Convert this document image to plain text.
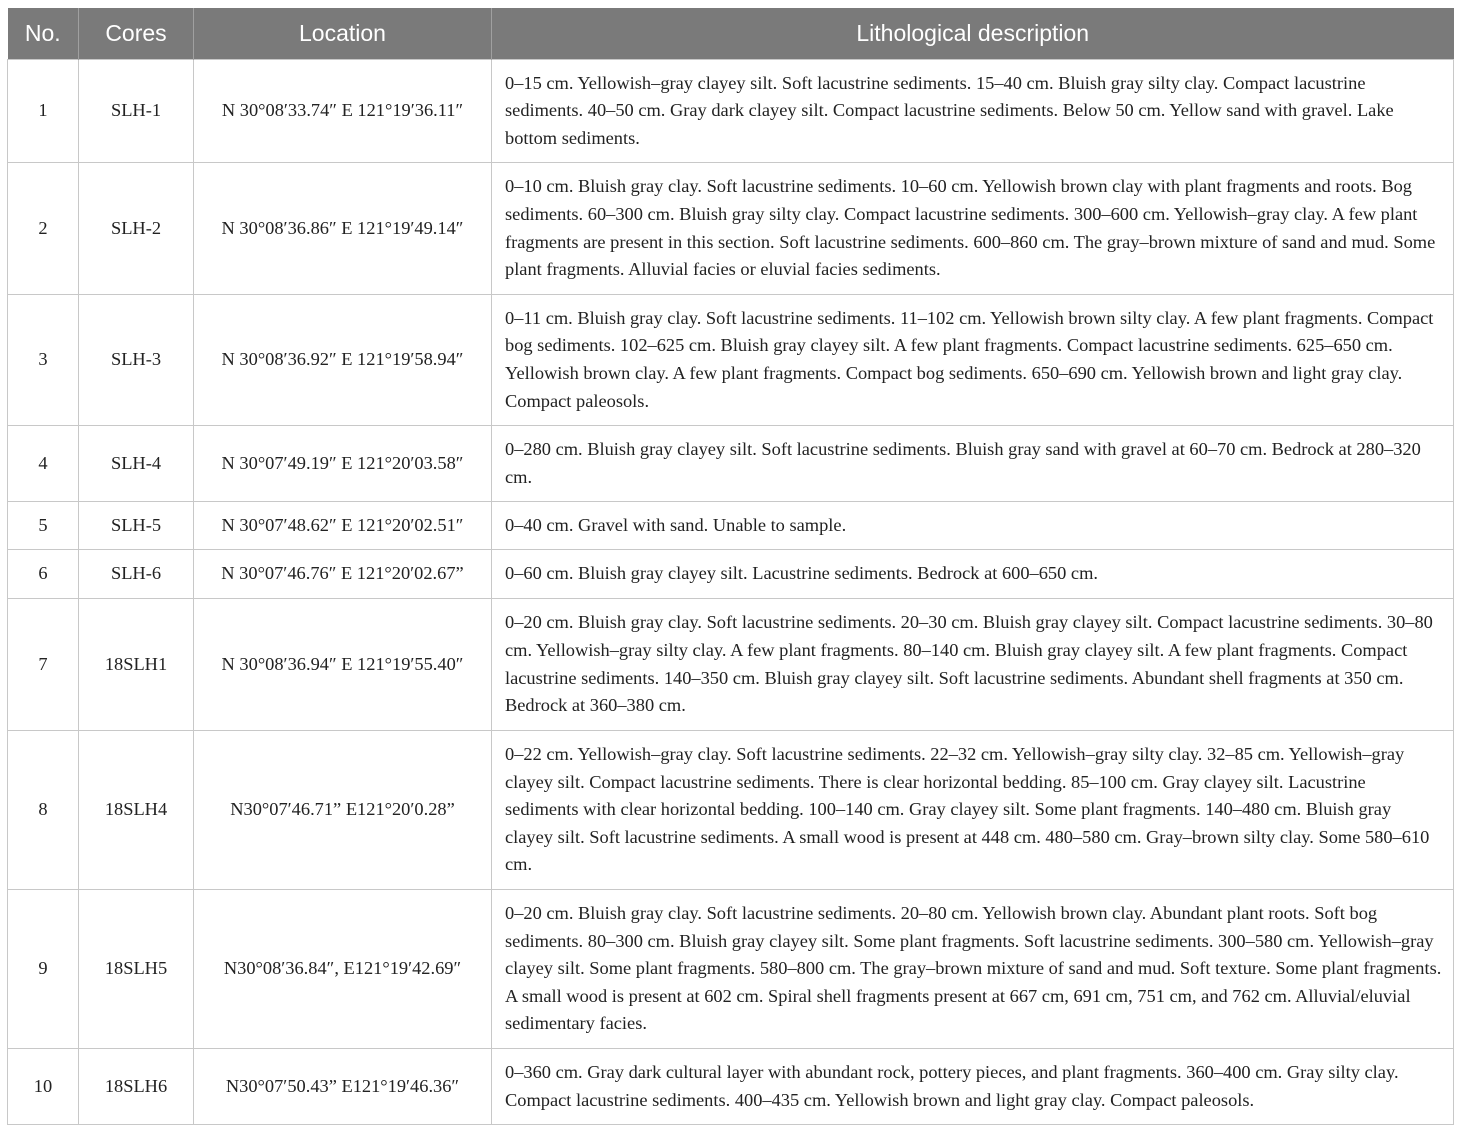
No.	Cores	Location	Lithological description
1	SLH-1	N 30°08′33.74″ E 121°19′36.11″	0–15 cm. Yellowish–gray clayey silt. Soft lacustrine sediments. 15–40 cm. Bluish gray silty clay. Compact lacustrine sediments. 40–50 cm. Gray dark clayey silt. Compact lacustrine sediments. Below 50 cm. Yellow sand with gravel. Lake bottom sediments.
2	SLH-2	N 30°08′36.86″ E 121°19′49.14″	0–10 cm. Bluish gray clay. Soft lacustrine sediments. 10–60 cm. Yellowish brown clay with plant fragments and roots. Bog sediments. 60–300 cm. Bluish gray silty clay. Compact lacustrine sediments. 300–600 cm. Yellowish–gray clay. A few plant fragments are present in this section. Soft lacustrine sediments. 600–860 cm. The gray–brown mixture of sand and mud. Some plant fragments. Alluvial facies or eluvial facies sediments.
3	SLH-3	N 30°08′36.92″ E 121°19′58.94″	0–11 cm. Bluish gray clay. Soft lacustrine sediments. 11–102 cm. Yellowish brown silty clay. A few plant fragments. Compact bog sediments. 102–625 cm. Bluish gray clayey silt. A few plant fragments. Compact lacustrine sediments. 625–650 cm. Yellowish brown clay. A few plant fragments. Compact bog sediments. 650–690 cm. Yellowish brown and light gray clay. Compact paleosols.
4	SLH-4	N 30°07′49.19″ E 121°20′03.58″	0–280 cm. Bluish gray clayey silt. Soft lacustrine sediments. Bluish gray sand with gravel at 60–70 cm. Bedrock at 280–320 cm.
5	SLH-5	N 30°07′48.62″ E 121°20′02.51″	0–40 cm. Gravel with sand. Unable to sample.
6	SLH-6	N 30°07′46.76″ E 121°20′02.67”	0–60 cm. Bluish gray clayey silt. Lacustrine sediments. Bedrock at 600–650 cm.
7	18SLH1	N 30°08′36.94″ E 121°19′55.40″	0–20 cm. Bluish gray clay. Soft lacustrine sediments. 20–30 cm. Bluish gray clayey silt. Compact lacustrine sediments. 30–80 cm. Yellowish–gray silty clay. A few plant fragments. 80–140 cm. Bluish gray clayey silt. A few plant fragments. Compact lacustrine sediments. 140–350 cm. Bluish gray clayey silt. Soft lacustrine sediments. Abundant shell fragments at 350 cm. Bedrock at 360–380 cm.
8	18SLH4	N30°07′46.71” E121°20′0.28”	0–22 cm. Yellowish–gray clay. Soft lacustrine sediments. 22–32 cm. Yellowish–gray silty clay. 32–85 cm. Yellowish–gray clayey silt. Compact lacustrine sediments. There is clear horizontal bedding. 85–100 cm. Gray clayey silt. Lacustrine sediments with clear horizontal bedding. 100–140 cm. Gray clayey silt. Some plant fragments. 140–480 cm. Bluish gray clayey silt. Soft lacustrine sediments. A small wood is present at 448 cm. 480–580 cm. Gray–brown silty clay. Some 580–610 cm.
9	18SLH5	N30°08′36.84″, E121°19′42.69″	0–20 cm. Bluish gray clay. Soft lacustrine sediments. 20–80 cm. Yellowish brown clay. Abundant plant roots. Soft bog sediments. 80–300 cm. Bluish gray clayey silt. Some plant fragments. Soft lacustrine sediments. 300–580 cm. Yellowish–gray clayey silt. Some plant fragments. 580–800 cm. The gray–brown mixture of sand and mud. Soft texture. Some plant fragments. A small wood is present at 602 cm. Spiral shell fragments present at 667 cm, 691 cm, 751 cm, and 762 cm. Alluvial/eluvial sedimentary facies.
10	18SLH6	N30°07′50.43” E121°19′46.36″	0–360 cm. Gray dark cultural layer with abundant rock, pottery pieces, and plant fragments. 360–400 cm. Gray silty clay. Compact lacustrine sediments. 400–435 cm. Yellowish brown and light gray clay. Compact paleosols.
